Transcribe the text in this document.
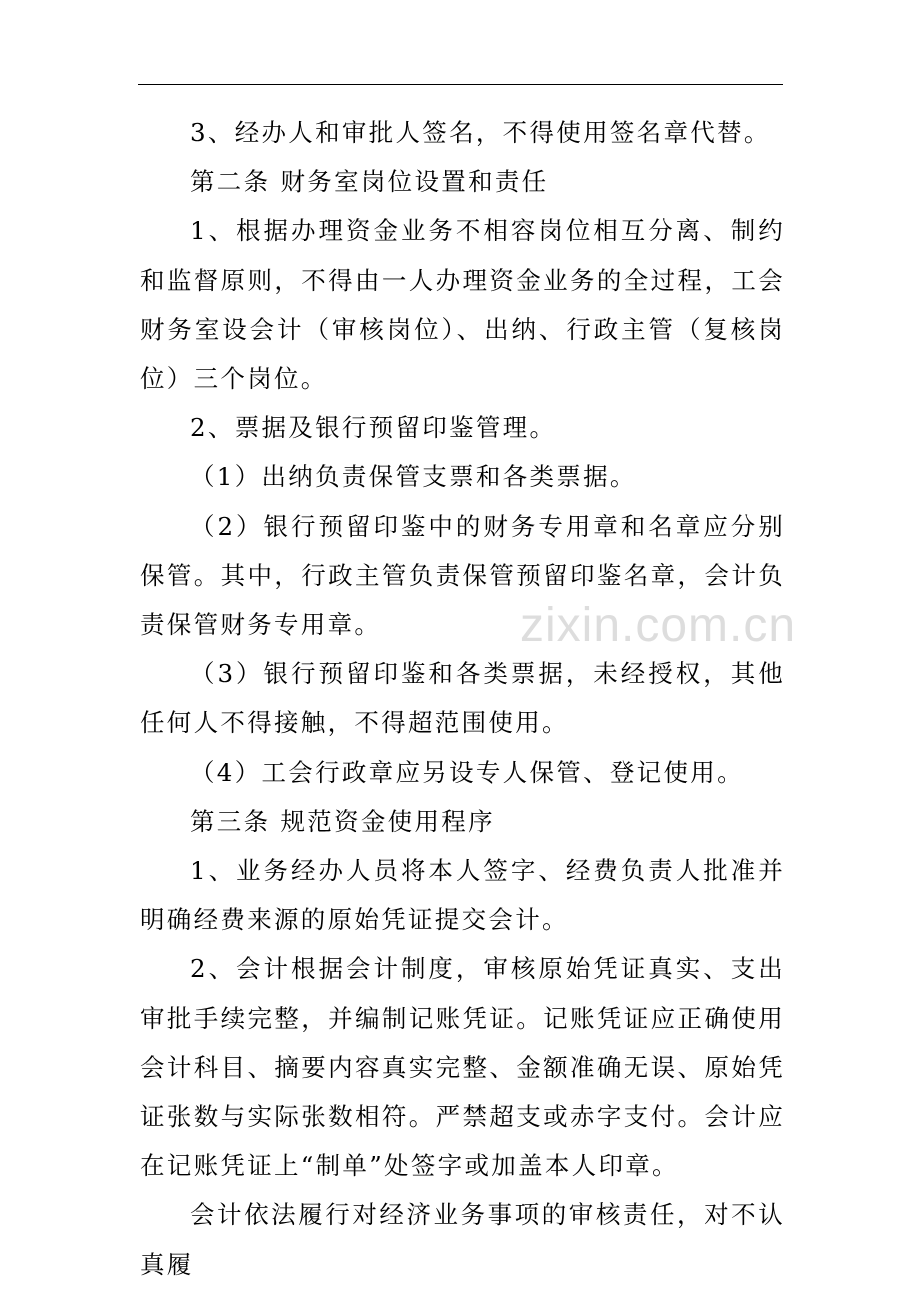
3、经办人和审批人签名，不得使用签名章代替。

第二条 财务室岗位设置和责任

1、根据办理资金业务不相容岗位相互分离、制约和监督原则，不得由一人办理资金业务的全过程，工会财务室设会计（审核岗位）、出纳、行政主管（复核岗位）三个岗位。

2、票据及银行预留印鉴管理。

（1）出纳负责保管支票和各类票据。

（2）银行预留印鉴中的财务专用章和名章应分别保管。其中，行政主管负责保管预留印鉴名章，会计负责保管财务专用章。

（3）银行预留印鉴和各类票据，未经授权，其他任何人不得接触，不得超范围使用。

（4）工会行政章应另设专人保管、登记使用。

第三条 规范资金使用程序

1、业务经办人员将本人签字、经费负责人批准并明确经费来源的原始凭证提交会计。

2、会计根据会计制度，审核原始凭证真实、支出审批手续完整，并编制记账凭证。记账凭证应正确使用会计科目、摘要内容真实完整、金额准确无误、原始凭证张数与实际张数相符。严禁超支或赤字支付。会计应在记账凭证上“制单”处签字或加盖本人印章。

会计依法履行对经济业务事项的审核责任，对不认真履

zixin.com.cn
